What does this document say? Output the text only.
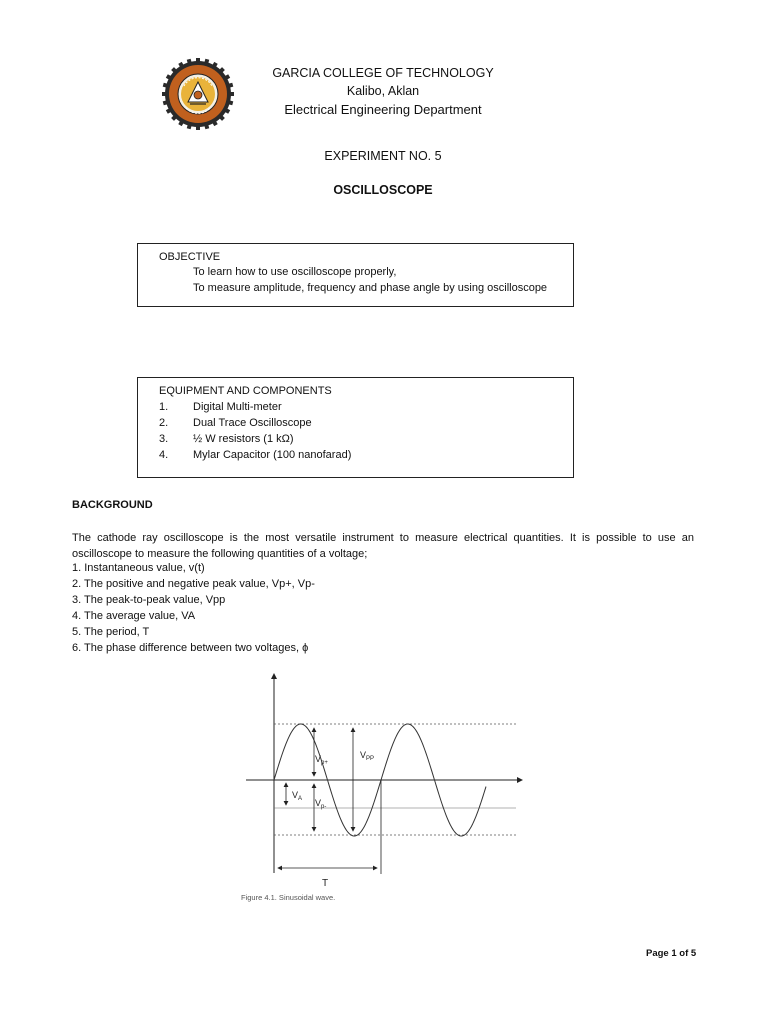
GARCIA COLLEGE OF TECHNOLOGY
Kalibo, Aklan
Electrical Engineering Department
EXPERIMENT NO. 5
OSCILLOSCOPE
OBJECTIVE
To learn how to use oscilloscope properly,
To measure amplitude, frequency and phase angle by using oscilloscope
EQUIPMENT AND COMPONENTS
1. Digital Multi-meter
2. Dual Trace Oscilloscope
3. ½ W resistors (1 kΩ)
4. Mylar Capacitor (100 nanofarad)
BACKGROUND
The cathode ray oscilloscope is the most versatile instrument to measure electrical quantities. It is possible to use an oscilloscope to measure the following quantities of a voltage;
1. Instantaneous value, v(t)
2. The positive and negative peak value, Vp+, Vp-
3. The peak-to-peak value, Vpp
4. The average value, VA
5. The period, T
6. The phase difference between two voltages, ϕ
$V_{p+}$
$V_{PP}$
$V_A$ $V_{p-}$
T
Figure 4.1. Sinusoidal wave.
Page 1 of 5
